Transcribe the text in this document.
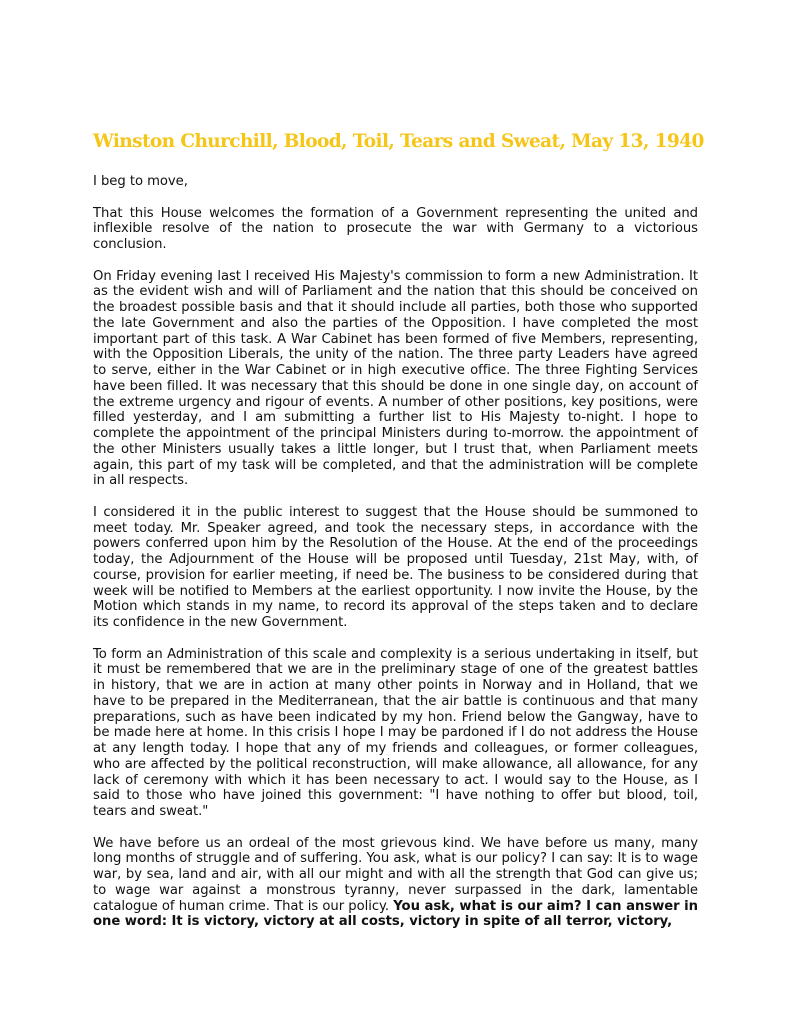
Winston Churchill, Blood, Toil, Tears and Sweat, May 13, 1940

I beg to move,

That this House welcomes the formation of a Government representing the united and inflexible resolve of the nation to prosecute the war with Germany to a victorious conclusion.

On Friday evening last I received His Majesty's commission to form a new Administration. It as the evident wish and will of Parliament and the nation that this should be conceived on the broadest possible basis and that it should include all parties, both those who supported the late Government and also the parties of the Opposition. I have completed the most important part of this task. A War Cabinet has been formed of five Members, representing, with the Opposition Liberals, the unity of the nation. The three party Leaders have agreed to serve, either in the War Cabinet or in high executive office. The three Fighting Services have been filled. It was necessary that this should be done in one single day, on account of the extreme urgency and rigour of events. A number of other positions, key positions, were filled yesterday, and I am submitting a further list to His Majesty to-night. I hope to complete the appointment of the principal Ministers during to-morrow. the appointment of the other Ministers usually takes a little longer, but I trust that, when Parliament meets again, this part of my task will be completed, and that the administration will be complete in all respects.

I considered it in the public interest to suggest that the House should be summoned to meet today. Mr. Speaker agreed, and took the necessary steps, in accordance with the powers conferred upon him by the Resolution of the House. At the end of the proceedings today, the Adjournment of the House will be proposed until Tuesday, 21st May, with, of course, provision for earlier meeting, if need be. The business to be considered during that week will be notified to Members at the earliest opportunity. I now invite the House, by the Motion which stands in my name, to record its approval of the steps taken and to declare its confidence in the new Government.

To form an Administration of this scale and complexity is a serious undertaking in itself, but it must be remembered that we are in the preliminary stage of one of the greatest battles in history, that we are in action at many other points in Norway and in Holland, that we have to be prepared in the Mediterranean, that the air battle is continuous and that many preparations, such as have been indicated by my hon. Friend below the Gangway, have to be made here at home. In this crisis I hope I may be pardoned if I do not address the House at any length today. I hope that any of my friends and colleagues, or former colleagues, who are affected by the political reconstruction, will make allowance, all allowance, for any lack of ceremony with which it has been necessary to act. I would say to the House, as I said to those who have joined this government: "I have nothing to offer but blood, toil, tears and sweat."

We have before us an ordeal of the most grievous kind. We have before us many, many long months of struggle and of suffering. You ask, what is our policy? I can say: It is to wage war, by sea, land and air, with all our might and with all the strength that God can give us; to wage war against a monstrous tyranny, never surpassed in the dark, lamentable catalogue of human crime. That is our policy. You ask, what is our aim? I can answer in one word: It is victory, victory at all costs, victory in spite of all terror, victory,
